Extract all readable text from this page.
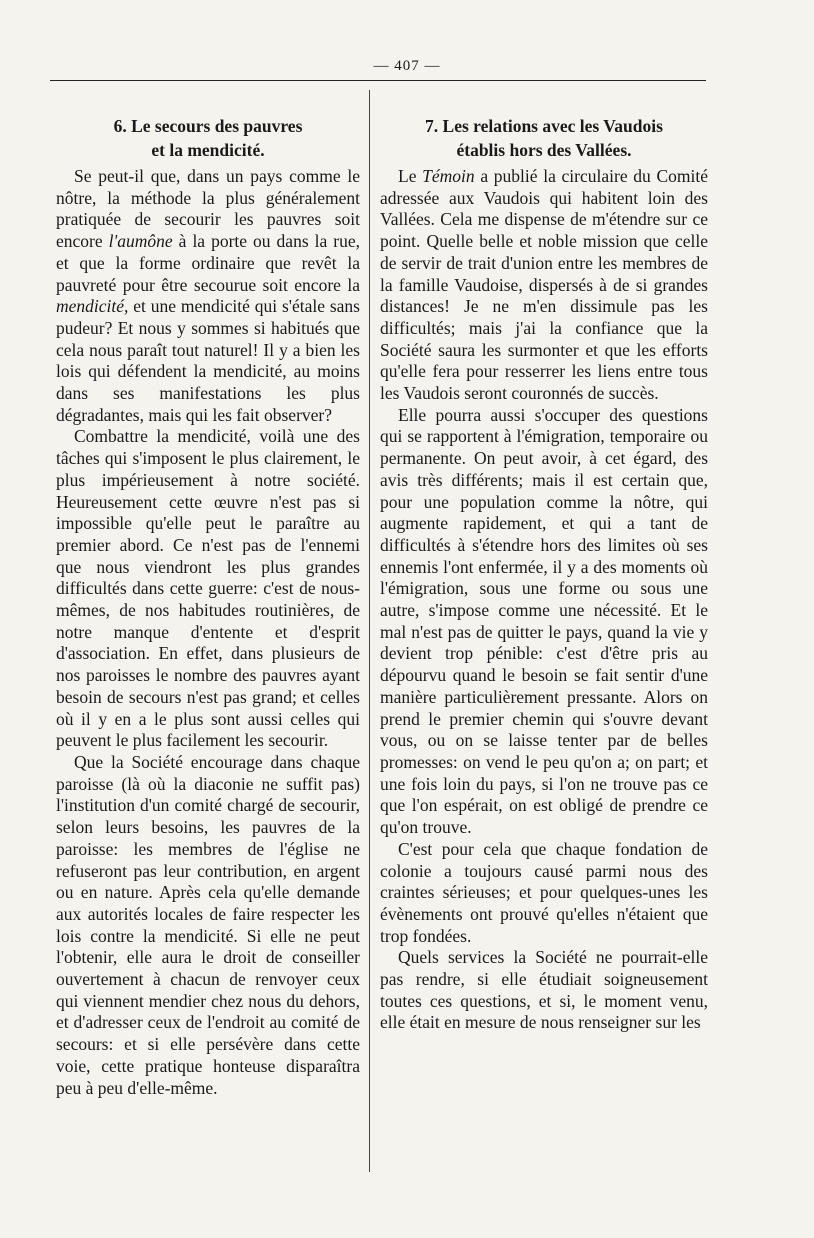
— 407 —
6. Le secours des pauvres
et la mendicité.

Se peut-il que, dans un pays comme le nôtre, la méthode la plus généralement pratiquée de secourir les pauvres soit encore l'aumône à la porte ou dans la rue, et que la forme ordinaire que revêt la pauvreté pour être secourue soit encore la mendicité, et une mendicité qui s'étale sans pudeur? Et nous y sommes si habitués que cela nous paraît tout naturel! Il y a bien les lois qui défendent la mendicité, au moins dans ses manifestations les plus dégradantes, mais qui les fait observer?

Combattre la mendicité, voilà une des tâches qui s'imposent le plus clairement, le plus impérieusement à notre société. Heureusement cette œuvre n'est pas si impossible qu'elle peut le paraître au premier abord. Ce n'est pas de l'ennemi que nous viendront les plus grandes difficultés dans cette guerre: c'est de nous-mêmes, de nos habitudes routinières, de notre manque d'entente et d'esprit d'association. En effet, dans plusieurs de nos paroisses le nombre des pauvres ayant besoin de secours n'est pas grand; et celles où il y en a le plus sont aussi celles qui peuvent le plus facilement les secourir.

Que la Société encourage dans chaque paroisse (là où la diaconie ne suffit pas) l'institution d'un comité chargé de secourir, selon leurs besoins, les pauvres de la paroisse: les membres de l'église ne refuseront pas leur contribution, en argent ou en nature. Après cela qu'elle demande aux autorités locales de faire respecter les lois contre la mendicité. Si elle ne peut l'obtenir, elle aura le droit de conseiller ouvertement à chacun de renvoyer ceux qui viennent mendier chez nous du dehors, et d'adresser ceux de l'endroit au comité de secours: et si elle persévère dans cette voie, cette pratique honteuse disparaîtra peu à peu d'elle-même.

7. Les relations avec les Vaudois
établis hors des Vallées.

Le Témoin a publié la circulaire du Comité adressée aux Vaudois qui habitent loin des Vallées. Cela me dispense de m'étendre sur ce point. Quelle belle et noble mission que celle de servir de trait d'union entre les membres de la famille Vaudoise, dispersés à de si grandes distances! Je ne m'en dissimule pas les difficultés; mais j'ai la confiance que la Société saura les surmonter et que les efforts qu'elle fera pour resserrer les liens entre tous les Vaudois seront couronnés de succès.

Elle pourra aussi s'occuper des questions qui se rapportent à l'émigration, temporaire ou permanente. On peut avoir, à cet égard, des avis très différents; mais il est certain que, pour une population comme la nôtre, qui augmente rapidement, et qui a tant de difficultés à s'étendre hors des limites où ses ennemis l'ont enfermée, il y a des moments où l'émigration, sous une forme ou sous une autre, s'impose comme une nécessité. Et le mal n'est pas de quitter le pays, quand la vie y devient trop pénible: c'est d'être pris au dépourvu quand le besoin se fait sentir d'une manière particulièrement pressante. Alors on prend le premier chemin qui s'ouvre devant vous, ou on se laisse tenter par de belles promesses: on vend le peu qu'on a; on part; et une fois loin du pays, si l'on ne trouve pas ce que l'on espérait, on est obligé de prendre ce qu'on trouve.

C'est pour cela que chaque fondation de colonie a toujours causé parmi nous des craintes sérieuses; et pour quelques-unes les évènements ont prouvé qu'elles n'étaient que trop fondées.

Quels services la Société ne pourrait-elle pas rendre, si elle étudiait soigneusement toutes ces questions, et si, le moment venu, elle était en mesure de nous renseigner sur les
